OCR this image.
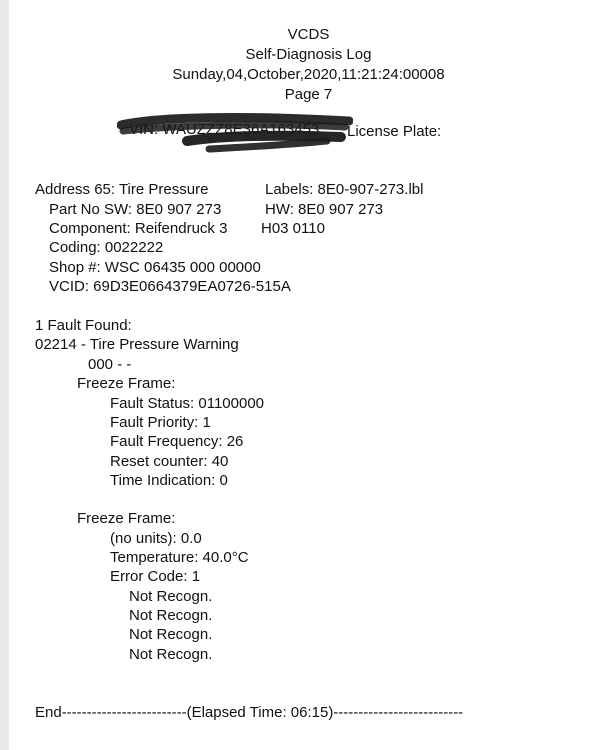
VCDS
Self-Diagnosis Log
Sunday,04,October,2020,11:21:24:00008
Page 7
VIN: WAUZZZ8E36A163453 License Plate:
Address 65: Tire Pressure	Labels: 8E0-907-273.lbl
Part No SW: 8E0 907 273	HW: 8E0 907 273
Component: Reifendruck 3 H03 0110
Coding: 0022222
Shop #: WSC 06435 000 00000
VCID: 69D3E0664379EA0726-515A
1 Fault Found:
02214 - Tire Pressure Warning
000 - -
Freeze Frame:
Fault Status: 01100000
Fault Priority: 1
Fault Frequency: 26
Reset counter: 40
Time Indication: 0
Freeze Frame:
(no units): 0.0
Temperature: 40.0°C
Error Code: 1
Not Recogn.
Not Recogn.
Not Recogn.
Not Recogn.
End-------------------------(Elapsed Time: 06:15)--------------------------
